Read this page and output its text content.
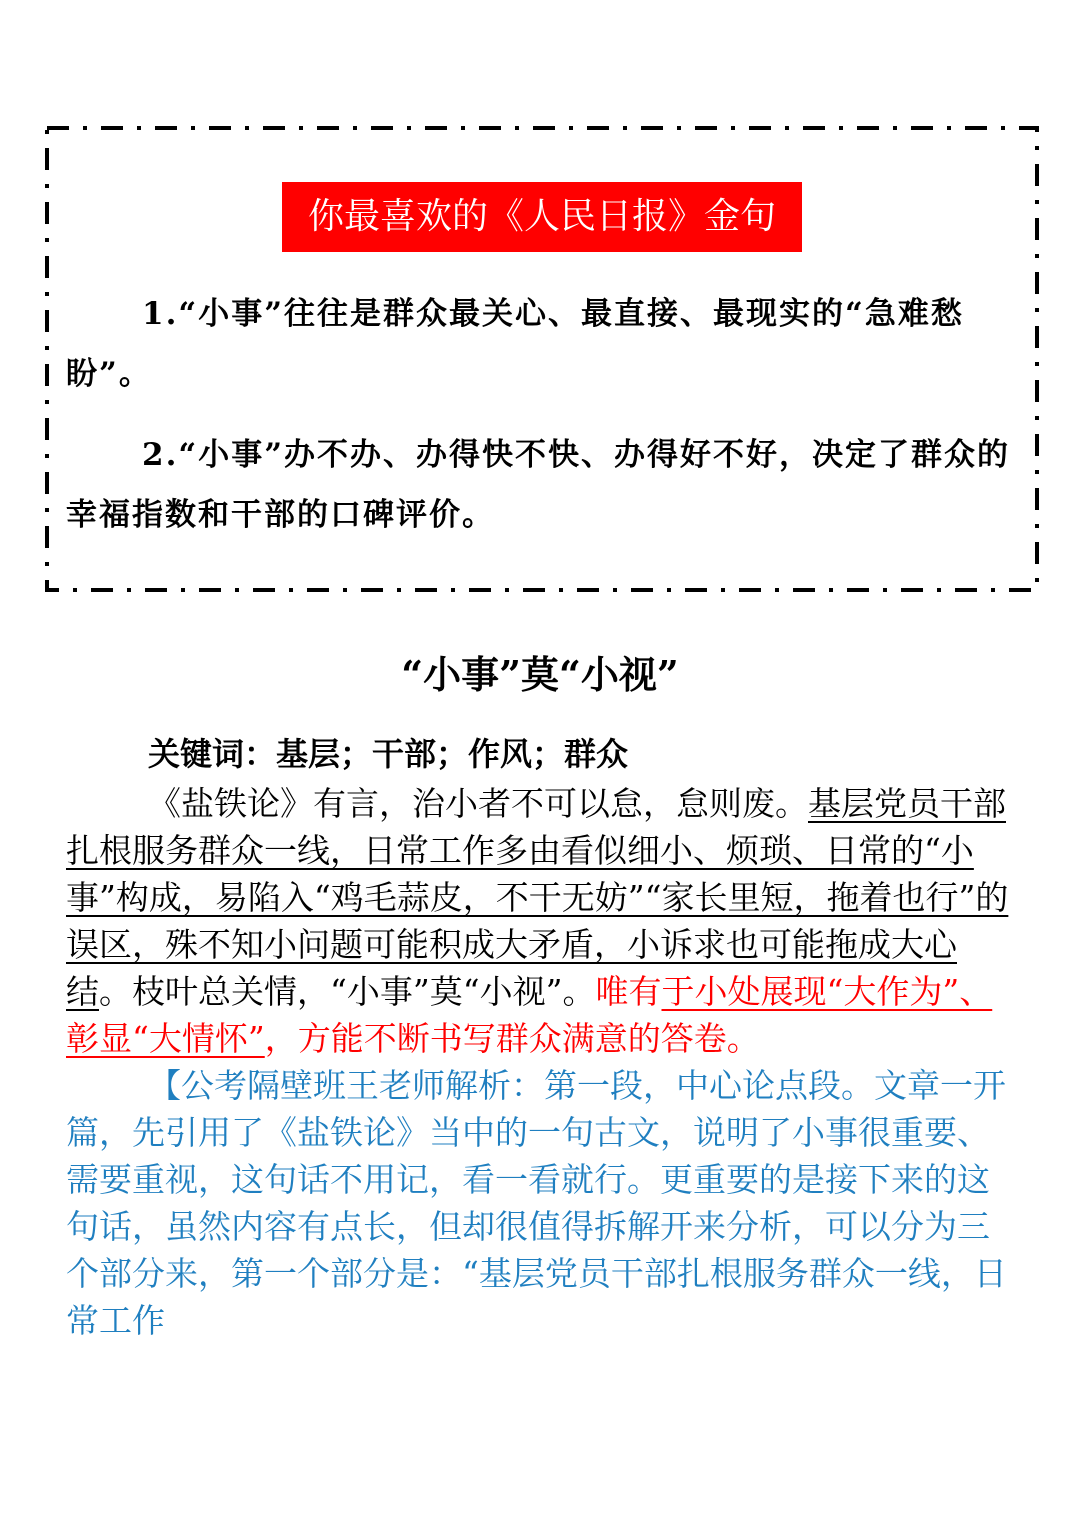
你最喜欢的《人民日报》金句
1.“小事”往往是群众最关心、最直接、最现实的“急难愁盼”。
2.“小事”办不办、办得快不快、办得好不好，决定了群众的幸福指数和干部的口碑评价。
“小事”莫“小视”
关键词：基层；干部；作风；群众
《盐铁论》有言，治小者不可以怠，怠则废。基层党员干部扎根服务群众一线，日常工作多由看似细小、烦琐、日常的“小事”构成，易陷入“鸡毛蒜皮，不干无妨”“家长里短，拖着也行”的误区，殊不知小问题可能积成大矛盾，小诉求也可能拖成大心结。枝叶总关情，“小事”莫“小视”。唯有于小处展现“大作为”、彰显“大情怀”，方能不断书写群众满意的答卷。
【公考隔壁班王老师解析：第一段，中心论点段。文章一开篇，先引用了《盐铁论》当中的一句古文，说明了小事很重要、需要重视，这句话不用记，看一看就行。更重要的是接下来的这句话，虽然内容有点长，但却很值得拆解开来分析，可以分为三个部分来，第一个部分是：“基层党员干部扎根服务群众一线，日常工作
